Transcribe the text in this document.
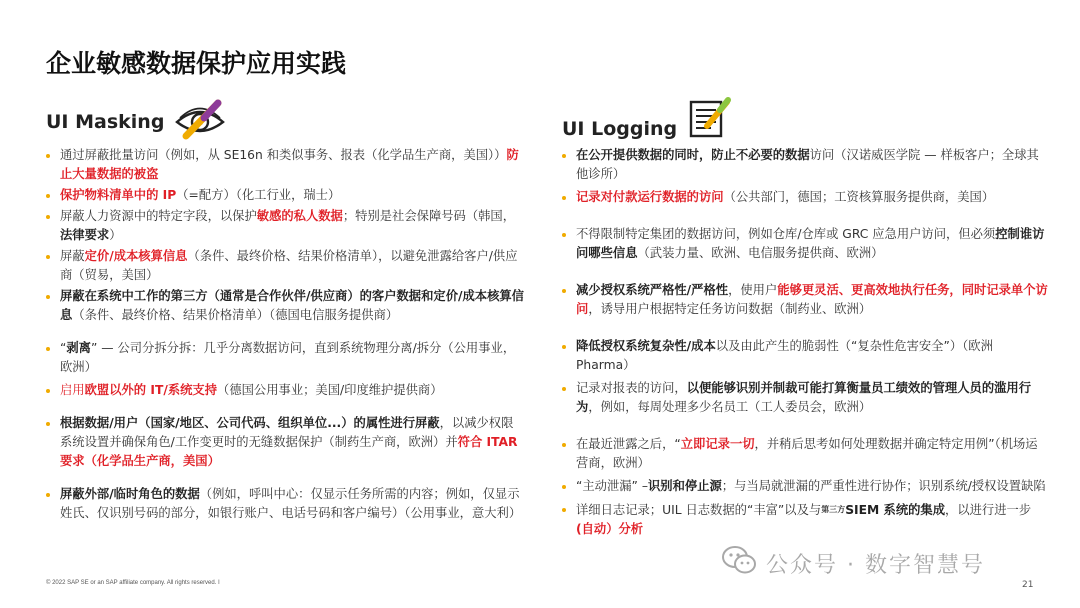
企业敏感数据保护应用实践
UI Masking
通过屏蔽批量访问（例如，从 SE16n 和类似事务、报表（化学品生产商，美国））防止大量数据的被盗
保护物料清单中的 IP（=配方）（化工行业，瑞士）
屏蔽人力资源中的特定字段，以保护敏感的私人数据；特别是社会保障号码（韩国，法律要求）
屏蔽定价/成本核算信息（条件、最终价格、结果价格清单），以避免泄露给客户/供应商（贸易，美国）
屏蔽在系统中工作的第三方（通常是合作伙伴/供应商）的客户数据和定价/成本核算信息（条件、最终价格、结果价格清单）（德国电信服务提供商）
“剥离” — 公司分拆分拆：几乎分离数据访问，直到系统物理分离/拆分（公用事业，欧洲）
启用欧盟以外的 IT/系统支持（德国公用事业；美国/印度维护提供商）
根据数据/用户（国家/地区、公司代码、组织单位...）的属性进行屏蔽，以减少权限系统设置并确保角色/工作变更时的无缝数据保护（制药生产商，欧洲）并符合 ITAR 要求（化学品生产商，美国）
屏蔽外部/临时角色的数据（例如，呼叫中心：仅显示任务所需的内容；例如，仅显示姓氏、仅识别号码的部分，如银行账户、电话号码和客户编号）（公用事业，意大利）
UI Logging
在公开提供数据的同时，防止不必要的数据访问（汉诺威医学院 — 样板客户；全球其他诊所）
记录对付款运行数据的访问（公共部门，德国；工资核算服务提供商，美国）
不得限制特定集团的数据访问，例如仓库/仓库或 GRC 应急用户访问，但必须控制谁访问哪些信息（武装力量、欧洲、电信服务提供商、欧洲）
减少授权系统严格性/严格性，使用户能够更灵活、更高效地执行任务，同时记录单个访问，诱导用户根据特定任务访问数据（制药业、欧洲）
降低授权系统复杂性/成本以及由此产生的脆弱性（“复杂性危害安全”）（欧洲 Pharma）
记录对报表的访问，以便能够识别并制裁可能打算衡量员工绩效的管理人员的滥用行为，例如，每周处理多少名员工（工人委员会，欧洲）
在最近泄露之后，“立即记录一切，并稍后思考如何处理数据并确定特定用例”（机场运营商，欧洲）
“主动泄漏” –识别和停止源；与当局就泄漏的严重性进行协作；识别系统/授权设置缺陷
详细日志记录；UIL 日志数据的“丰富”以及与$^{第三方}$SIEM 系统的集成，以进行进一步(自动）分析
公众号 · 数字智慧号
© 2022 SAP SE or an SAP affiliate company. All rights reserved. ǀ	21
